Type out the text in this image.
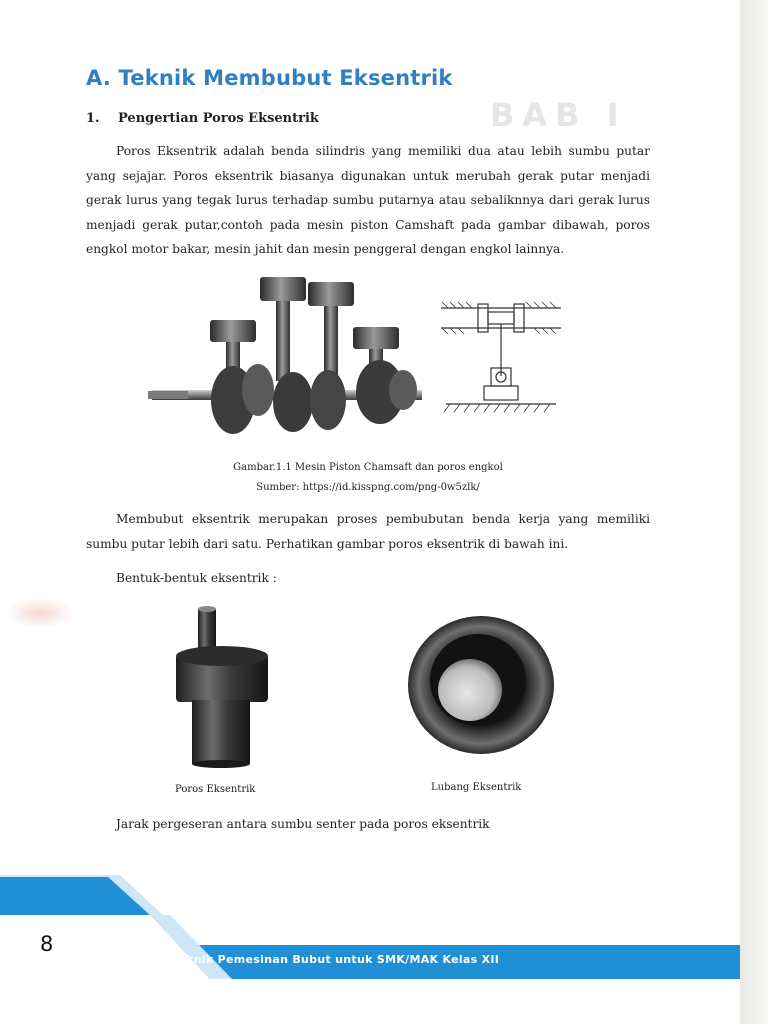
BAB I
A. Teknik Membubut Eksentrik
1. Pengertian Poros Eksentrik
Poros Eksentrik adalah benda silindris yang memiliki dua atau lebih sumbu putar yang sejajar. Poros eksentrik biasanya digunakan untuk merubah gerak putar menjadi gerak lurus yang tegak lurus terhadap sumbu putarnya atau sebaliknnya dari gerak lurus menjadi gerak putar,contoh pada mesin piston Camshaft pada gambar dibawah, poros engkol motor bakar, mesin jahit dan mesin penggeral dengan engkol lainnya.
Gambar.1.1 Mesin Piston Chamsaft dan poros engkol
Sumber: https://id.kisspng.com/png-0w5zlk/
Membubut eksentrik merupakan proses pembubutan benda kerja yang memiliki sumbu putar lebih dari satu. Perhatikan gambar poros eksentrik di bawah ini.
Bentuk-bentuk eksentrik :
Poros Eksentrik	Lubang Eksentrik
Jarak pergeseran antara sumbu senter pada poros eksentrik
8
Teknik Pemesinan Bubut untuk SMK/MAK Kelas XII
